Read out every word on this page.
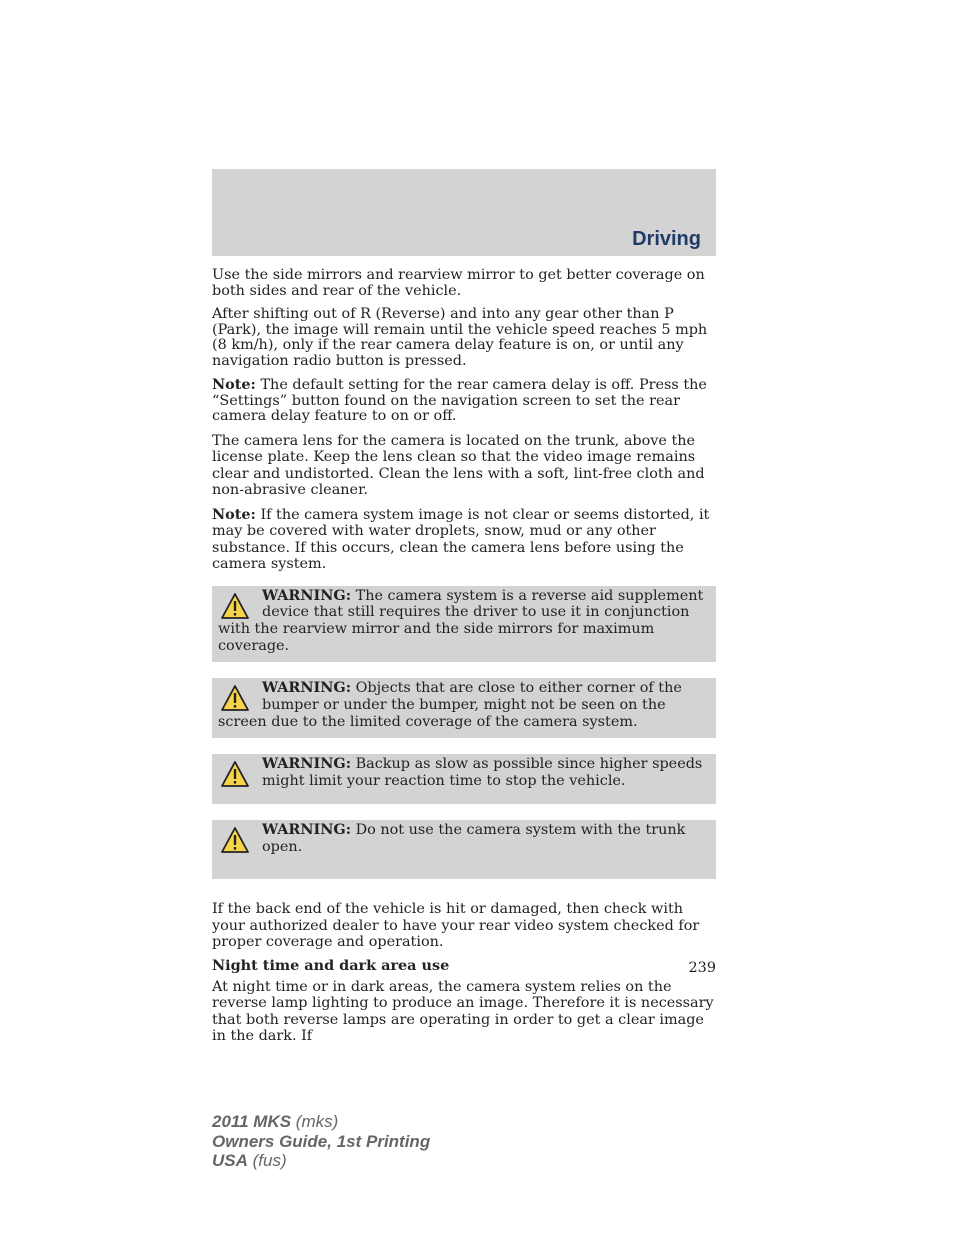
Driving

Use the side mirrors and rearview mirror to get better coverage on both sides and rear of the vehicle.

After shifting out of R (Reverse) and into any gear other than P (Park), the image will remain until the vehicle speed reaches 5 mph (8 km/h), only if the rear camera delay feature is on, or until any navigation radio button is pressed.

Note: The default setting for the rear camera delay is off. Press the “Settings” button found on the navigation screen to set the rear camera delay feature to on or off.

The camera lens for the camera is located on the trunk, above the license plate. Keep the lens clean so that the video image remains clear and undistorted. Clean the lens with a soft, lint-free cloth and non-abrasive cleaner.

Note: If the camera system image is not clear or seems distorted, it may be covered with water droplets, snow, mud or any other substance. If this occurs, clean the camera lens before using the camera system.

WARNING: The camera system is a reverse aid supplement device that still requires the driver to use it in conjunction with the rearview mirror and the side mirrors for maximum coverage.
WARNING: Objects that are close to either corner of the bumper or under the bumper, might not be seen on the screen due to the limited coverage of the camera system.
WARNING: Backup as slow as possible since higher speeds might limit your reaction time to stop the vehicle.
WARNING: Do not use the camera system with the trunk open.

If the back end of the vehicle is hit or damaged, then check with your authorized dealer to have your rear video system checked for proper coverage and operation.

Night time and dark area use

At night time or in dark areas, the camera system relies on the reverse lamp lighting to produce an image. Therefore it is necessary that both reverse lamps are operating in order to get a clear image in the dark. If

239
2011 MKS (mks)
Owners Guide, 1st Printing
USA (fus)
